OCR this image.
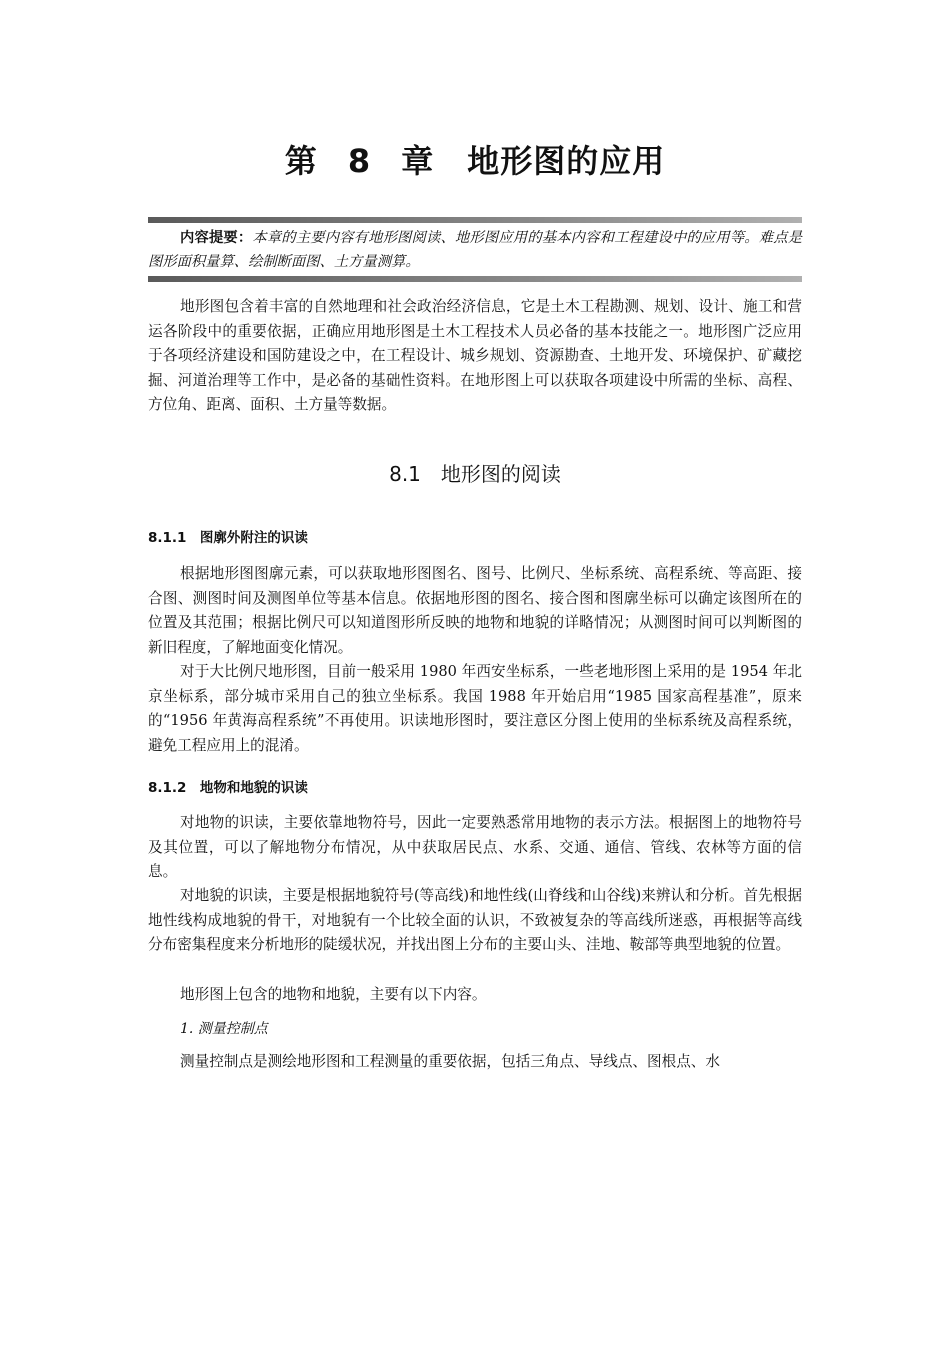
第 8 章　地形图的应用
内容提要：本章的主要内容有地形图阅读、地形图应用的基本内容和工程建设中的应用等。难点是图形面积量算、绘制断面图、土方量测算。

地形图包含着丰富的自然地理和社会政治经济信息，它是土木工程勘测、规划、设计、施工和营运各阶段中的重要依据，正确应用地形图是土木工程技术人员必备的基本技能之一。地形图广泛应用于各项经济建设和国防建设之中，在工程设计、城乡规划、资源勘查、土地开发、环境保护、矿藏挖掘、河道治理等工作中，是必备的基础性资料。在地形图上可以获取各项建设中所需的坐标、高程、方位角、距离、面积、土方量等数据。

8.1　地形图的阅读
8.1.1　图廓外附注的识读

根据地形图图廓元素，可以获取地形图图名、图号、比例尺、坐标系统、高程系统、等高距、接合图、测图时间及测图单位等基本信息。依据地形图的图名、接合图和图廓坐标可以确定该图所在的位置及其范围；根据比例尺可以知道图形所反映的地物和地貌的详略情况；从测图时间可以判断图的新旧程度，了解地面变化情况。

对于大比例尺地形图，目前一般采用 1980 年西安坐标系，一些老地形图上采用的是 1954 年北京坐标系，部分城市采用自己的独立坐标系。我国 1988 年开始启用“1985 国家高程基准”，原来的“1956 年黄海高程系统”不再使用。识读地形图时，要注意区分图上使用的坐标系统及高程系统，避免工程应用上的混淆。

8.1.2　地物和地貌的识读

对地物的识读，主要依靠地物符号，因此一定要熟悉常用地物的表示方法。根据图上的地物符号及其位置，可以了解地物分布情况，从中获取居民点、水系、交通、通信、管线、农林等方面的信息。

对地貌的识读，主要是根据地貌符号(等高线)和地性线(山脊线和山谷线)来辨认和分析。首先根据地性线构成地貌的骨干，对地貌有一个比较全面的认识，不致被复杂的等高线所迷惑，再根据等高线分布密集程度来分析地形的陡缓状况，并找出图上分布的主要山头、洼地、鞍部等典型地貌的位置。

地形图上包含的地物和地貌，主要有以下内容。

1. 测量控制点

测量控制点是测绘地形图和工程测量的重要依据，包括三角点、导线点、图根点、水
